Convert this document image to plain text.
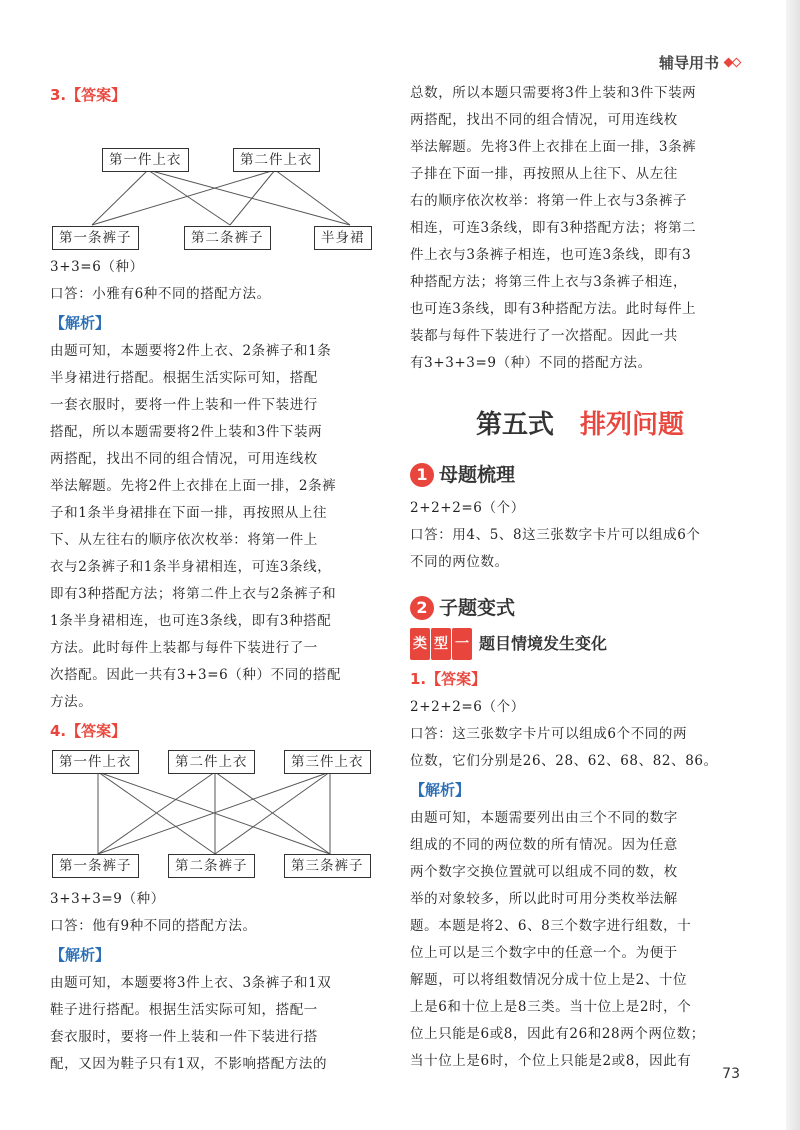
辅导用书

3.【答案】

第一件上衣	第二件上衣
第一条裤子	第二条裤子	半身裙

3+3=6（种）

口答：小雅有6种不同的搭配方法。

【解析】

由题可知，本题要将2件上衣、2条裤子和1条

半身裙进行搭配。根据生活实际可知，搭配

一套衣服时，要将一件上装和一件下装进行

搭配，所以本题需要将2件上装和3件下装两

两搭配，找出不同的组合情况，可用连线枚

举法解题。先将2件上衣排在上面一排，2条裤

子和1条半身裙排在下面一排，再按照从上往

下、从左往右的顺序依次枚举：将第一件上

衣与2条裤子和1条半身裙相连，可连3条线，

即有3种搭配方法；将第二件上衣与2条裤子和

1条半身裙相连，也可连3条线，即有3种搭配

方法。此时每件上装都与每件下装进行了一

次搭配。因此一共有3+3=6（种）不同的搭配

方法。

4.【答案】

第一件上衣	第二件上衣	第三件上衣
第一条裤子	第二条裤子	第三条裤子

3+3+3=9（种）

口答：他有9种不同的搭配方法。

【解析】

由题可知，本题要将3件上衣、3条裤子和1双

鞋子进行搭配。根据生活实际可知，搭配一

套衣服时，要将一件上装和一件下装进行搭

配，又因为鞋子只有1双，不影响搭配方法的

总数，所以本题只需要将3件上装和3件下装两

两搭配，找出不同的组合情况，可用连线枚

举法解题。先将3件上衣排在上面一排，3条裤

子排在下面一排，再按照从上往下、从左往

右的顺序依次枚举：将第一件上衣与3条裤子

相连，可连3条线，即有3种搭配方法；将第二

件上衣与3条裤子相连，也可连3条线，即有3

种搭配方法；将第三件上衣与3条裤子相连，

也可连3条线，即有3种搭配方法。此时每件上

装都与每件下装进行了一次搭配。因此一共

有3+3+3=9（种）不同的搭配方法。

第五式 排列问题
1 母题梳理

2+2+2=6（个）

口答：用4、5、8这三张数字卡片可以组成6个

不同的两位数。

2 子题变式
类 型 一 题目情境发生变化

1.【答案】

2+2+2=6（个）

口答：这三张数字卡片可以组成6个不同的两

位数，它们分别是26、28、62、68、82、86。

【解析】

由题可知，本题需要列出由三个不同的数字

组成的不同的两位数的所有情况。因为任意

两个数字交换位置就可以组成不同的数，枚

举的对象较多，所以此时可用分类枚举法解

题。本题是将2、6、8三个数字进行组数，十

位上可以是三个数字中的任意一个。为便于

解题，可以将组数情况分成十位上是2、十位

上是6和十位上是8三类。当十位上是2时，个

位上只能是6或8，因此有26和28两个两位数；

当十位上是6时，个位上只能是2或8，因此有

73
